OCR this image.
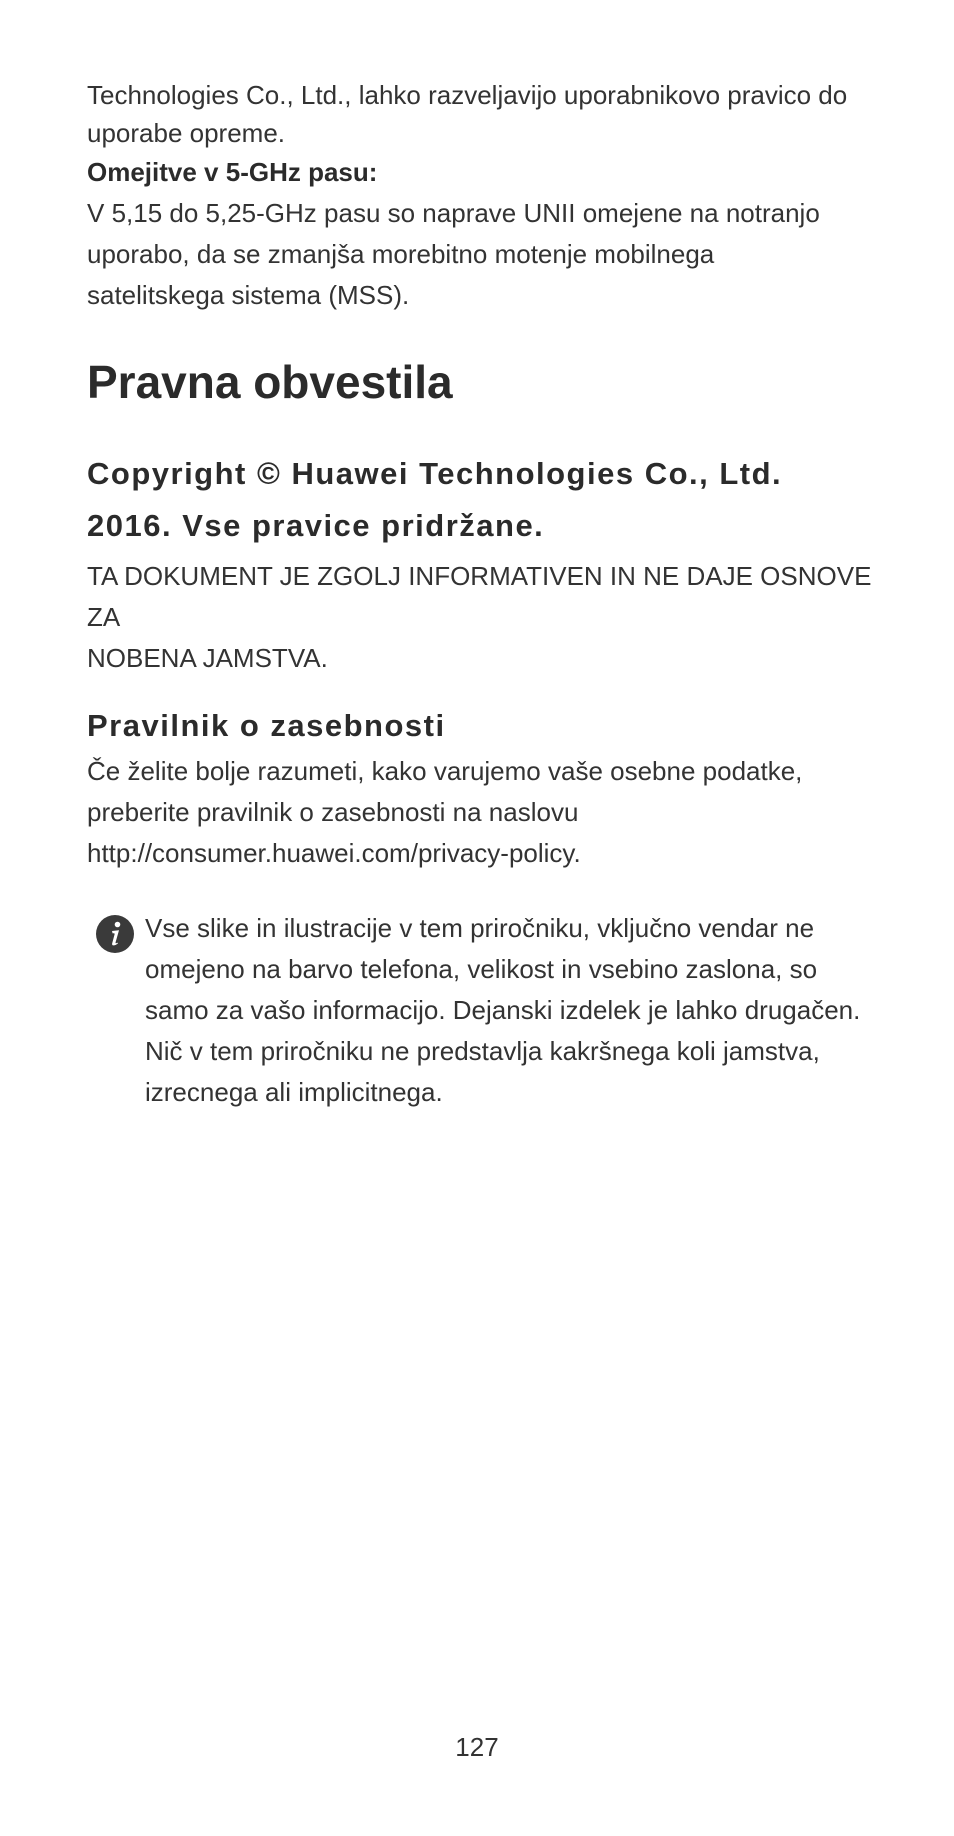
Technologies Co., Ltd., lahko razveljavijo uporabnikovo pravico do

uporabe opreme.

Omejitve v 5-GHz pasu:

V 5,15 do 5,25-GHz pasu so naprave UNII omejene na notranjo

uporabo, da se zmanjša morebitno motenje mobilnega

satelitskega sistema (MSS).

Pravna obvestila
Copyright © Huawei Technologies Co., Ltd.
2016. Vse pravice pridržane.

TA DOKUMENT JE ZGOLJ INFORMATIVEN IN NE DAJE OSNOVE ZA

NOBENA JAMSTVA.

Pravilnik o zasebnosti

Če želite bolje razumeti, kako varujemo vaše osebne podatke,

preberite pravilnik o zasebnosti na naslovu

http://consumer.huawei.com/privacy-policy.

Vse slike in ilustracije v tem priročniku, vključno vendar ne

omejeno na barvo telefona, velikost in vsebino zaslona, so

samo za vašo informacijo. Dejanski izdelek je lahko drugačen.

Nič v tem priročniku ne predstavlja kakršnega koli jamstva,

izrecnega ali implicitnega.

127
